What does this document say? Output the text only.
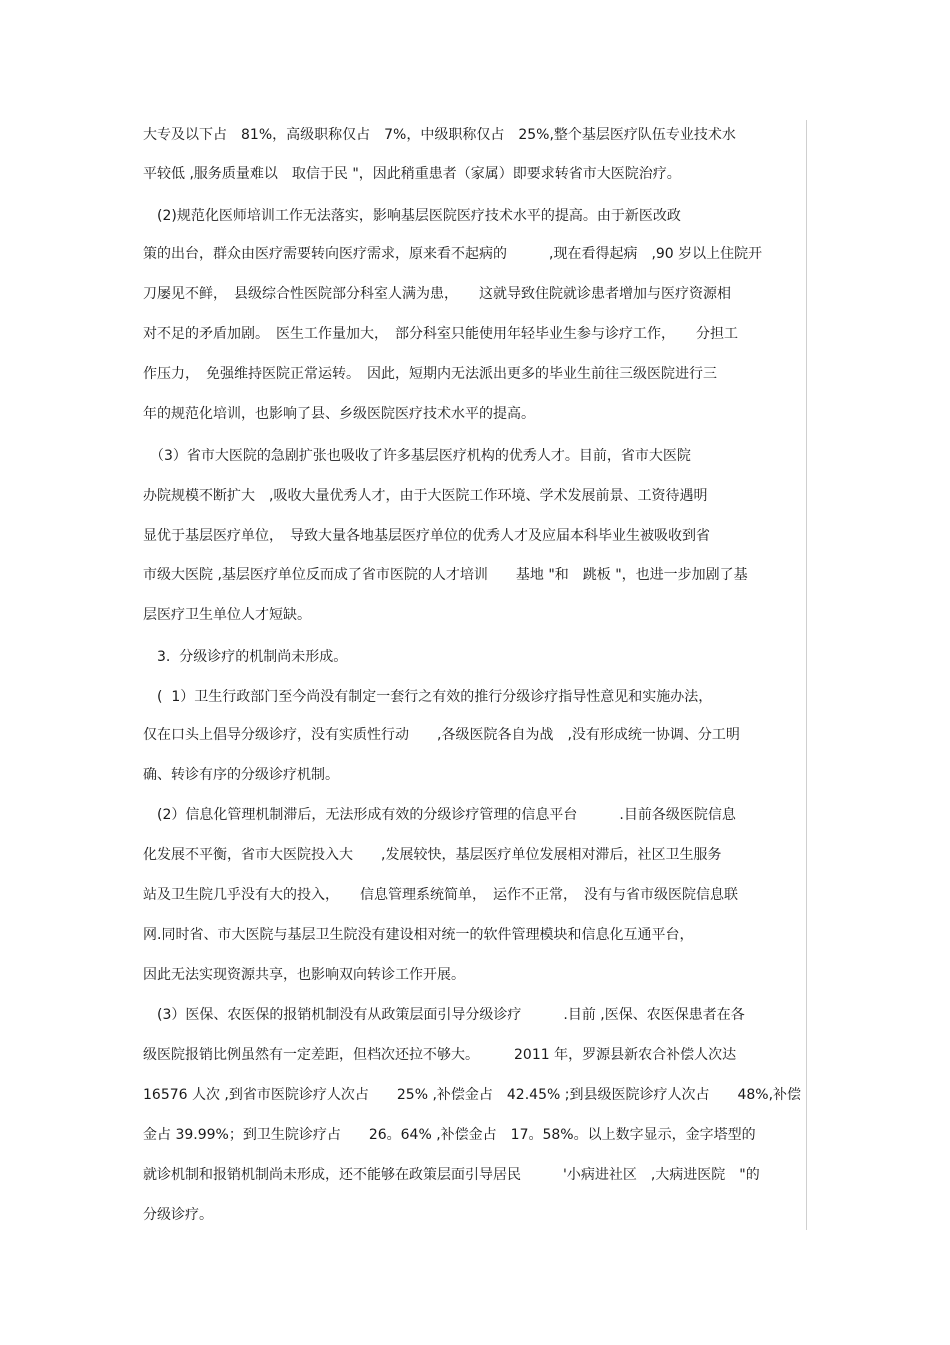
大专及以下占　81%，高级职称仅占　7%，中级职称仅占　25%,整个基层医疗队伍专业技术水
平较低 ,服务质量难以　取信于民 "，因此稍重患者（家属）即要求转省市大医院治疗。
　(2)规范化医师培训工作无法落实，影响基层医院医疗技术水平的提高。由于新医改政
策的出台，群众由医疗需要转向医疗需求，原来看不起病的　　　,现在看得起病　,90 岁以上住院开
刀屡见不鲜，　县级综合性医院部分科室人满为患，　　这就导致住院就诊患者增加与医疗资源相
对不足的矛盾加剧。　医生工作量加大，　部分科室只能使用年轻毕业生参与诊疗工作，　　分担工
作压力，　免强维持医院正常运转。　因此，短期内无法派出更多的毕业生前往三级医院进行三
年的规范化培训，也影响了县、乡级医院医疗技术水平的提高。
　（3）省市大医院的急剧扩张也吸收了许多基层医疗机构的优秀人才。目前，省市大医院
办院规模不断扩大　,吸收大量优秀人才，由于大医院工作环境、学术发展前景、工资待遇明
显优于基层医疗单位，　导致大量各地基层医疗单位的优秀人才及应届本科毕业生被吸收到省
市级大医院 ,基层医疗单位反而成了省市医院的人才培训　　基地 "和　跳板 "，也进一步加剧了基
层医疗卫生单位人才短缺。
　3.  分级诊疗的机制尚未形成。
　(  1）卫生行政部门至今尚没有制定一套行之有效的推行分级诊疗指导性意见和实施办法，
仅在口头上倡导分级诊疗，没有实质性行动　　,各级医院各自为战　,没有形成统一协调、分工明
确、转诊有序的分级诊疗机制。
　(2）信息化管理机制滞后，无法形成有效的分级诊疗管理的信息平台　　　.目前各级医院信息
化发展不平衡，省市大医院投入大　　,发展较快，基层医疗单位发展相对滞后，社区卫生服务
站及卫生院几乎没有大的投入，　　信息管理系统简单，　运作不正常，　没有与省市级医院信息联
网.同时省、市大医院与基层卫生院没有建设相对统一的软件管理模块和信息化互通平台，
因此无法实现资源共享，也影响双向转诊工作开展。
　(3）医保、农医保的报销机制没有从政策层面引导分级诊疗　　　.目前 ,医保、农医保患者在各
级医院报销比例虽然有一定差距，但档次还拉不够大。　　　2011 年，罗源县新农合补偿人次达
16576 人次 ,到省市医院诊疗人次占　　25% ,补偿金占　42.45% ;到县级医院诊疗人次占　　48%,补偿
金占 39.99%；到卫生院诊疗占　　26。64% ,补偿金占　17。58%。以上数字显示，金字塔型的
就诊机制和报销机制尚未形成，还不能够在政策层面引导居民　　　'小病进社区　,大病进医院　"的
分级诊疗。
